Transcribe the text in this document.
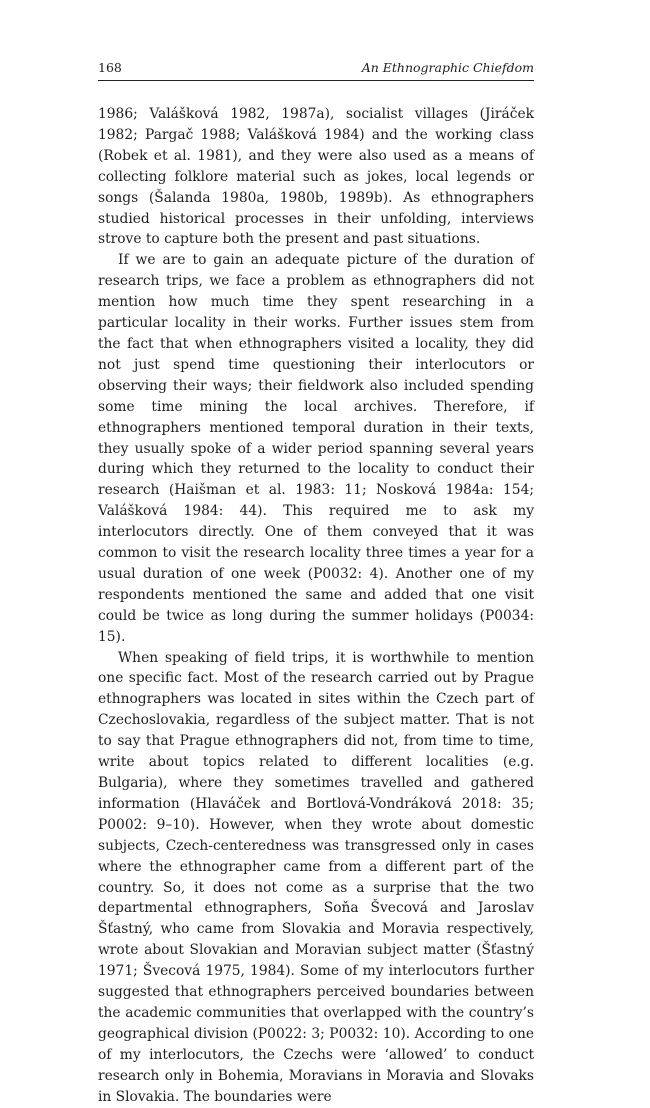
168	An Ethnographic Chiefdom

1986; Valášková 1982, 1987a), socialist villages (Jiráček 1982; Pargač 1988; Valášková 1984) and the working class (Robek et al. 1981), and they were also used as a means of collecting folklore material such as jokes, local legends or songs (Šalanda 1980a, 1980b, 1989b). As ethnographers studied historical processes in their unfolding, interviews strove to capture both the present and past situations.

If we are to gain an adequate picture of the duration of research trips, we face a problem as ethnographers did not mention how much time they spent researching in a particular locality in their works. Further issues stem from the fact that when ethnographers visited a locality, they did not just spend time questioning their interlocutors or observing their ways; their fieldwork also included spending some time mining the local archives. Therefore, if ethnographers mentioned temporal duration in their texts, they usually spoke of a wider period spanning several years during which they returned to the locality to conduct their research (Haišman et al. 1983: 11; Nosková 1984a: 154; Valášková 1984: 44). This required me to ask my interlocutors directly. One of them conveyed that it was common to visit the research locality three times a year for a usual duration of one week (P0032: 4). Another one of my respondents mentioned the same and added that one visit could be twice as long during the summer holidays (P0034: 15).

When speaking of field trips, it is worthwhile to mention one specific fact. Most of the research carried out by Prague ethnographers was located in sites within the Czech part of Czechoslovakia, regardless of the subject matter. That is not to say that Prague ethnographers did not, from time to time, write about topics related to different localities (e.g. Bulgaria), where they sometimes travelled and gathered information (Hlaváček and Bortlová-Vondráková 2018: 35; P0002: 9–10). However, when they wrote about domestic subjects, Czech-centeredness was transgressed only in cases where the ethnographer came from a different part of the country. So, it does not come as a surprise that the two departmental ethnographers, Soňa Švecová and Jaroslav Šťastný, who came from Slovakia and Moravia respectively, wrote about Slovakian and Moravian subject matter (Šťastný 1971; Švecová 1975, 1984). Some of my interlocutors further suggested that ethnographers perceived boundaries between the academic communities that overlapped with the country’s geographical division (P0022: 3; P0032: 10). According to one of my interlocutors, the Czechs were ‘allowed’ to conduct research only in Bohemia, Moravians in Moravia and Slovaks in Slovakia. The boundaries were
